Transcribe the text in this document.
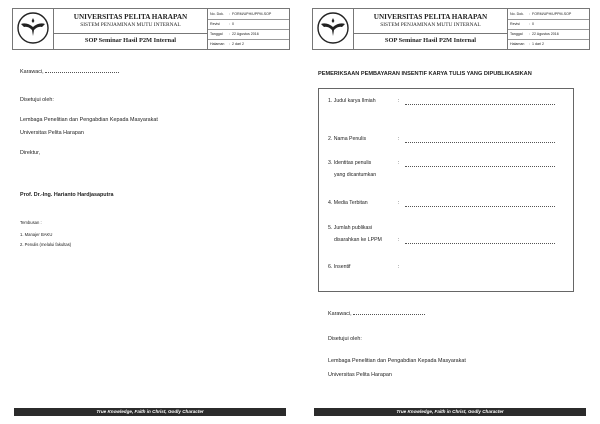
UNIVERSITAS PELITA HARAPAN
SISTEM PENJAMINAN MUTU INTERNAL
SOP Seminar Hasil P2M Internal
No. Dok. : FORM/UPH/UPPM-SOP
Revisi	: 0
Tanggal : 22 Agustus 2016
Halaman : 2 dari 2
Karawaci,
Disetujui oleh:
Lembaga Penelitian dan Pengabdian Kepada Masyarakat
Universitas Pelita Harapan
Direktur,
Prof. Dr.-Ing. Harianto Hardjasaputra
Tembusan :
1. Manajer BAKU
2. Penulis (melalui fakultas)
True Knowledge, Faith in Christ, Godly Character
UNIVERSITAS PELITA HARAPAN
SISTEM PENJAMINAN MUTU INTERNAL
SOP Seminar Hasil P2M Internal
No. Dok. : FORM/UPH/UPPM-SOP
Revisi	: 0
Tanggal : 22 Agustus 2016
Halaman : 1 dari 2
True Knowledge, Faith in Christ, Godly Character
PEMERIKSAAN PEMBAYARAN INSENTIF KARYA TULIS YANG DIPUBLIKASIKAN
1. Judul karya Ilmiah	:
2. Nama Penulis	:
3. Identitas penulis
yang dicantumkan
:
4. Media Terbitan	:
5. Jumlah publikasi
disarahkan ke LPPM	:
6. Insentif	:
Karawaci,
Disetujui oleh:
Lembaga Penelitian dan Pengabdian Kepada Masyarakat
Universitas Pelita Harapan
